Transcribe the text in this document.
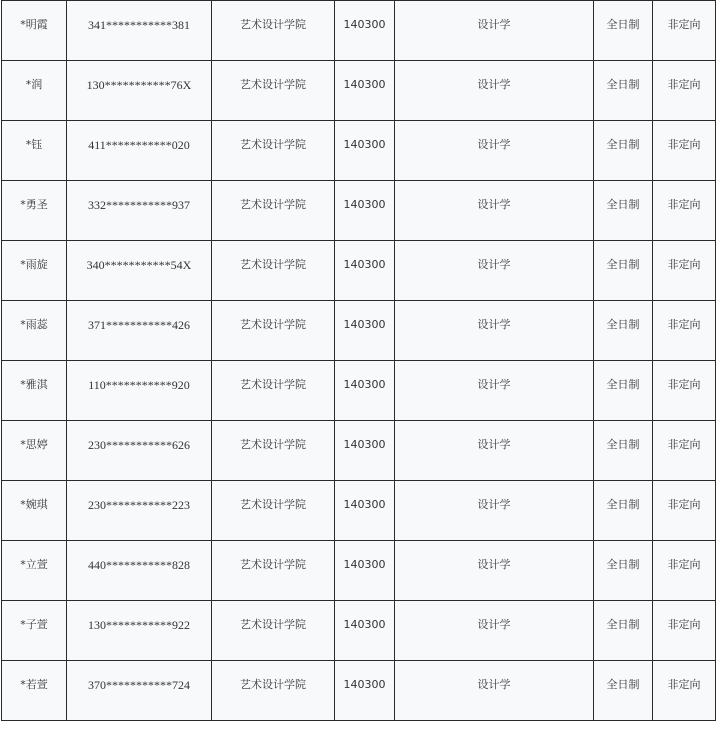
*明霞	341***********381	艺术设计学院	140300	设计学	全日制	非定向

*润	130***********76X	艺术设计学院	140300	设计学	全日制	非定向

*钰	411***********020	艺术设计学院	140300	设计学	全日制	非定向

*勇圣	332***********937	艺术设计学院	140300	设计学	全日制	非定向

*雨旋	340***********54X	艺术设计学院	140300	设计学	全日制	非定向

*雨蕊	371***********426	艺术设计学院	140300	设计学	全日制	非定向

*雅淇	110***********920	艺术设计学院	140300	设计学	全日制	非定向

*思婷	230***********626	艺术设计学院	140300	设计学	全日制	非定向

*婉琪	230***********223	艺术设计学院	140300	设计学	全日制	非定向

*立萱	440***********828	艺术设计学院	140300	设计学	全日制	非定向

*子萱	130***********922	艺术设计学院	140300	设计学	全日制	非定向

*若萱	370***********724	艺术设计学院	140300	设计学	全日制	非定向
